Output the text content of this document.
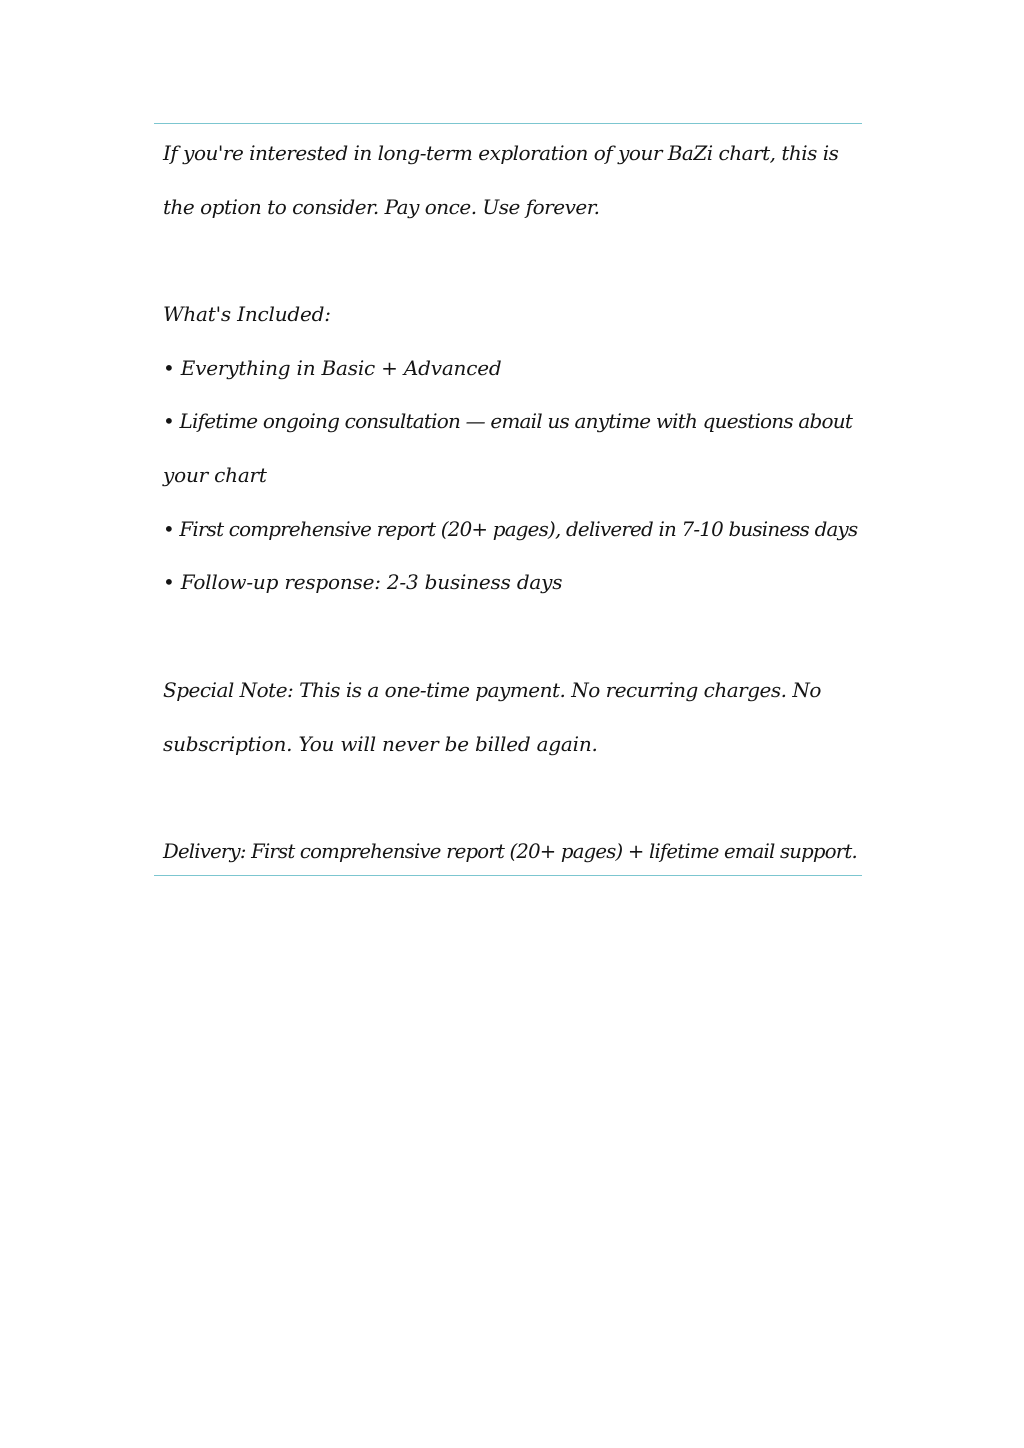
If you're interested in long-term exploration of your BaZi chart, this is
the option to consider. Pay once. Use forever.
What's Included:
• Everything in Basic + Advanced
• Lifetime ongoing consultation — email us anytime with questions about
your chart
• First comprehensive report (20+ pages), delivered in 7-10 business days
• Follow-up response: 2-3 business days
Special Note: This is a one-time payment. No recurring charges. No
subscription. You will never be billed again.
Delivery: First comprehensive report (20+ pages) + lifetime email support.
